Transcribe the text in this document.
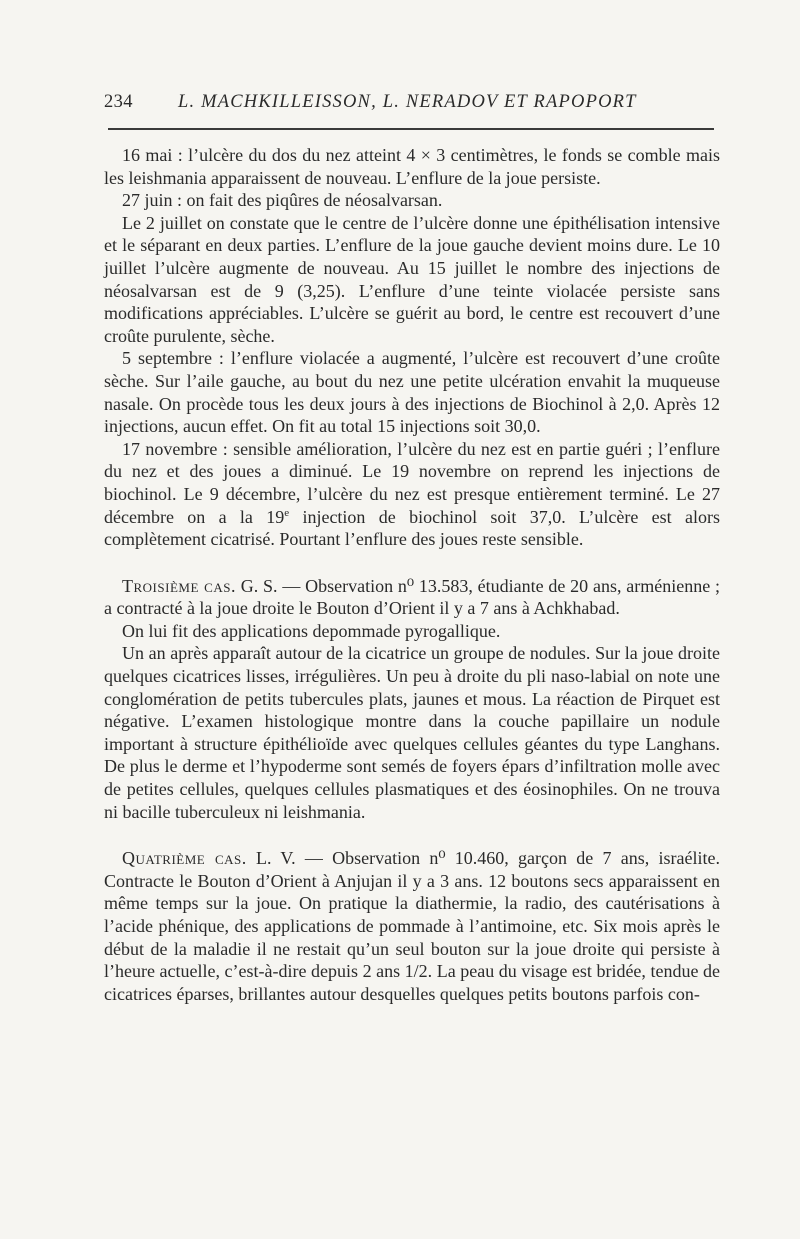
234	L. MACHKILLEISSON, L. NERADOV ET RAPOPORT

16 mai : l’ulcère du dos du nez atteint 4 × 3 centimètres, le fonds se comble mais les leishmania apparaissent de nouveau. L’enflure de la joue persiste.

27 juin : on fait des piqûres de néosalvarsan.

Le 2 juillet on constate que le centre de l’ulcère donne une épithélisation intensive et le séparant en deux parties. L’enflure de la joue gauche devient moins dure. Le 10 juillet l’ulcère augmente de nouveau. Au 15 juillet le nombre des injections de néosalvarsan est de 9 (3,25). L’enflure d’une teinte violacée persiste sans modifications appréciables. L’ulcère se guérit au bord, le centre est recouvert d’une croûte purulente, sèche.

5 septembre : l’enflure violacée a augmenté, l’ulcère est recouvert d’une croûte sèche. Sur l’aile gauche, au bout du nez une petite ulcération envahit la muqueuse nasale. On procède tous les deux jours à des injections de Biochinol à 2,0. Après 12 injections, aucun effet. On fit au total 15 injections soit 30,0.

17 novembre : sensible amélioration, l’ulcère du nez est en partie guéri ; l’enflure du nez et des joues a diminué. Le 19 novembre on reprend les injections de biochinol. Le 9 décembre, l’ulcère du nez est presque entièrement terminé. Le 27 décembre on a la 19e injection de biochinol soit 37,0. L’ulcère est alors complètement cicatrisé. Pourtant l’enflure des joues reste sensible.

Troisième cas. G. S. — Observation n⁰ 13.583, étudiante de 20 ans, arménienne ; a contracté à la joue droite le Bouton d’Orient il y a 7 ans à Achkhabad.

On lui fit des applications depommade pyrogallique.

Un an après apparaît autour de la cicatrice un groupe de nodules. Sur la joue droite quelques cicatrices lisses, irrégulières. Un peu à droite du pli naso-labial on note une conglomération de petits tubercules plats, jaunes et mous. La réaction de Pirquet est négative. L’examen histologique montre dans la couche papillaire un nodule important à structure épithélioïde avec quelques cellules géantes du type Langhans. De plus le derme et l’hypoderme sont semés de foyers épars d’infiltration molle avec de petites cellules, quelques cellules plasmatiques et des éosinophiles. On ne trouva ni bacille tuberculeux ni leishmania.

Quatrième cas. L. V. — Observation n⁰ 10.460, garçon de 7 ans, israélite. Contracte le Bouton d’Orient à Anjujan il y a 3 ans. 12 boutons secs apparaissent en même temps sur la joue. On pratique la diathermie, la radio, des cautérisations à l’acide phénique, des applications de pommade à l’antimoine, etc. Six mois après le début de la maladie il ne restait qu’un seul bouton sur la joue droite qui persiste à l’heure actuelle, c’est-à-dire depuis 2 ans 1/2. La peau du visage est bridée, tendue de cicatrices éparses, brillantes autour desquelles quelques petits boutons parfois con-
